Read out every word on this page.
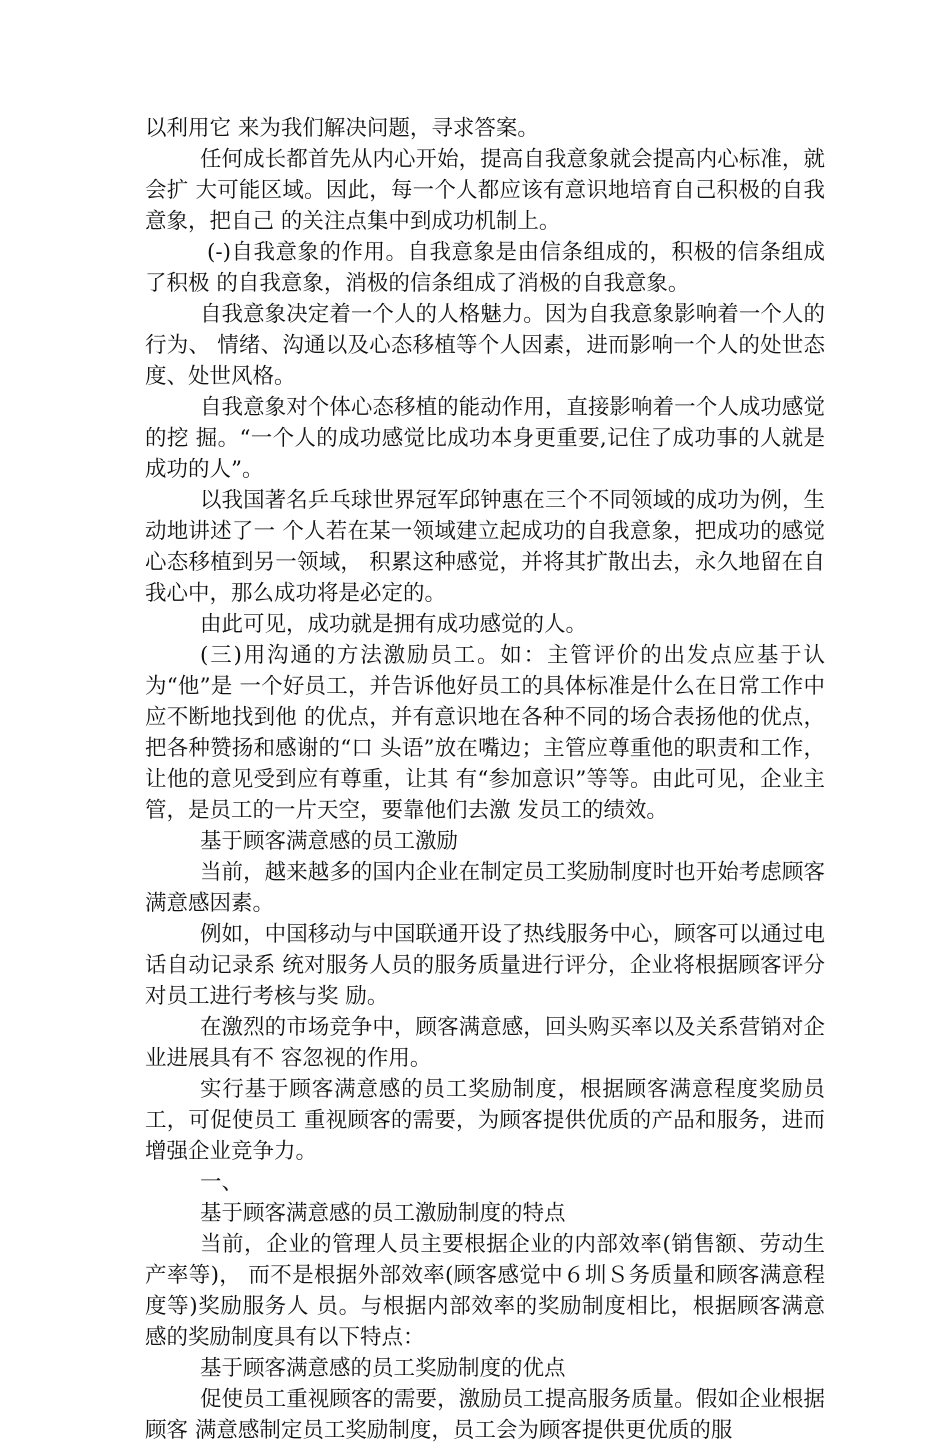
以利用它 来为我们解决问题，寻求答案。

任何成长都首先从内心开始，提高自我意象就会提高内心标准，就会扩 大可能区域。因此，每一个人都应该有意识地培育自己积极的自我意象，把自己 的关注点集中到成功机制上。

(-)自我意象的作用。自我意象是由信条组成的，积极的信条组成了积极 的自我意象，消极的信条组成了消极的自我意象。

自我意象决定着一个人的人格魅力。因为自我意象影响着一个人的行为、 情绪、沟通以及心态移植等个人因素，进而影响一个人的处世态度、处世风格。

自我意象对个体心态移植的能动作用，直接影响着一个人成功感觉的挖 掘。“一个人的成功感觉比成功本身更重要,记住了成功事的人就是成功的人”。

以我国著名乒乓球世界冠军邱钟惠在三个不同领域的成功为例，生动地讲述了一 个人若在某一领域建立起成功的自我意象，把成功的感觉心态移植到另一领域， 积累这种感觉，并将其扩散出去，永久地留在自我心中，那么成功将是必定的。

由此可见，成功就是拥有成功感觉的人。

(三)用沟通的方法激励员工。如：主管评价的出发点应基于认为“他”是 一个好员工，并告诉他好员工的具体标准是什么在日常工作中应不断地找到他 的优点，并有意识地在各种不同的场合表扬他的优点，把各种赞扬和感谢的“口 头语”放在嘴边；主管应尊重他的职责和工作，让他的意见受到应有尊重，让其 有“参加意识”等等。由此可见，企业主管，是员工的一片天空，要靠他们去激 发员工的绩效。

基于顾客满意感的员工激励

当前，越来越多的国内企业在制定员工奖励制度时也开始考虑顾客满意感因素。

例如，中国移动与中国联通开设了热线服务中心，顾客可以通过电话自动记录系 统对服务人员的服务质量进行评分，企业将根据顾客评分对员工进行考核与奖 励。

在激烈的市场竞争中，顾客满意感，回头购买率以及关系营销对企业进展具有不 容忽视的作用。

实行基于顾客满意感的员工奖励制度，根据顾客满意程度奖励员工，可促使员工 重视顾客的需要，为顾客提供优质的产品和服务，进而增强企业竞争力。

一、

基于顾客满意感的员工激励制度的特点

当前，企业的管理人员主要根据企业的内部效率(销售额、劳动生产率等)， 而不是根据外部效率(顾客感觉中６圳Ｓ务质量和顾客满意程度等)奖励服务人 员。与根据内部效率的奖励制度相比，根据顾客满意感的奖励制度具有以下特点：

基于顾客满意感的员工奖励制度的优点

促使员工重视顾客的需要，激励员工提高服务质量。假如企业根据顾客 满意感制定员工奖励制度，员工会为顾客提供更优质的服
